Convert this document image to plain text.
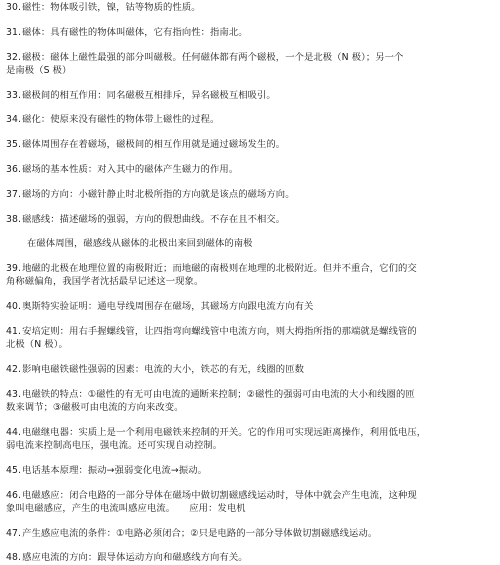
30.磁性：物体吸引铁，镍，钴等物质的性质。
31.磁体：具有磁性的物体叫磁体，它有指向性：指南北。
32.磁极：磁体上磁性最强的部分叫磁极。任何磁体都有两个磁极，一个是北极（N 极）；另一个
是南极（S 极）
33.磁极间的相互作用：同名磁极互相排斥，异名磁极互相吸引。
34.磁化：使原来没有磁性的物体带上磁性的过程。
35.磁体周围存在着磁场，磁极间的相互作用就是通过磁场发生的。
36.磁场的基本性质：对入其中的磁体产生磁力的作用。
37.磁场的方向：小磁针静止时北极所指的方向就是该点的磁场方向。
38.磁感线：描述磁场的强弱，方向的假想曲线。不存在且不相交。
在磁体周围，磁感线从磁体的北极出来回到磁体的南极
39.地磁的北极在地理位置的南极附近；而地磁的南极则在地理的北极附近。但并不重合，它们的交
角称磁偏角，我国学者沈括最早记述这一现象。
40.奥斯特实验证明：通电导线周围存在磁场，其磁场方向跟电流方向有关
41.安培定则：用右手握螺线管，让四指弯向螺线管中电流方向，则大拇指所指的那端就是螺线管的
北极（N 极）。
42.影响电磁铁磁性强弱的因素：电流的大小，铁芯的有无，线圈的匝数
43.电磁铁的特点：①磁性的有无可由电流的通断来控制；②磁性的强弱可由电流的大小和线圈的匝
数来调节；③磁极可由电流的方向来改变。
44.电磁继电器：实质上是一个利用电磁铁来控制的开关。它的作用可实现远距离操作，利用低电压，
弱电流来控制高电压，强电流。还可实现自动控制。
45.电话基本原理：振动→强弱变化电流→振动。
46.电磁感应：闭合电路的一部分导体在磁场中做切割磁感线运动时，导体中就会产生电流，这种现
象叫电磁感应，产生的电流叫感应电流。　　应用：发电机
47.产生感应电流的条件：①电路必须闭合；②只是电路的一部分导体做切割磁感线运动。
48.感应电流的方向：跟导体运动方向和磁感线方向有关。
